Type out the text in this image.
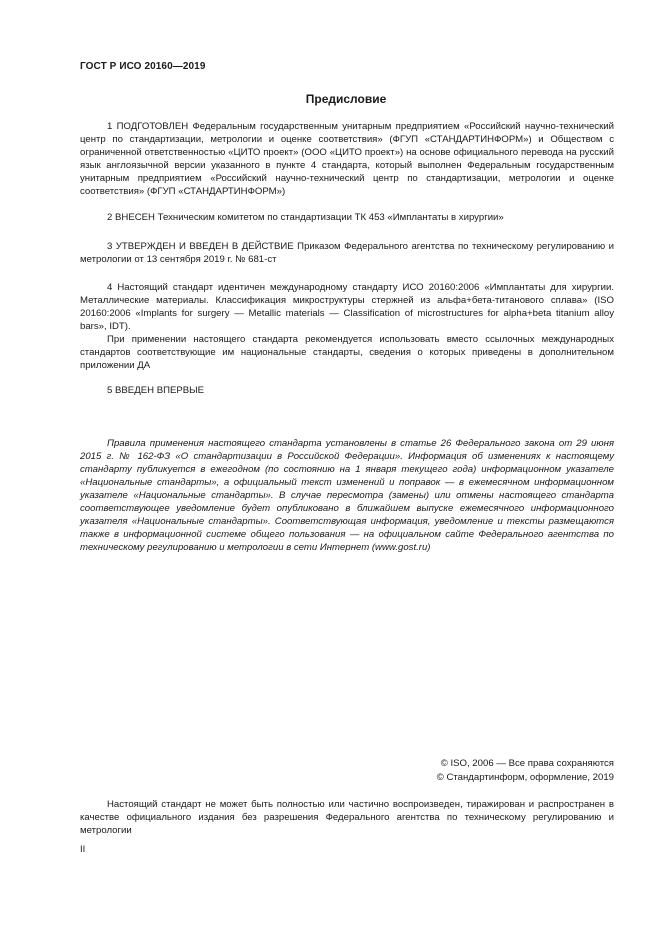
ГОСТ Р ИСО 20160—2019
Предисловие

1 ПОДГОТОВЛЕН Федеральным государственным унитарным предприятием «Российский научно-технический центр по стандартизации, метрологии и оценке соответствия» (ФГУП «СТАНДАРТИНФОРМ») и Обществом с ограниченной ответственностью «ЦИТО проект» (ООО «ЦИТО проект») на основе официального перевода на русский язык англоязычной версии указанного в пункте 4 стандарта, который выполнен Федеральным государственным унитарным предприятием «Российский научно-технический центр по стандартизации, метрологии и оценке соответствия» (ФГУП «СТАНДАРТИНФОРМ»)

2 ВНЕСЕН Техническим комитетом по стандартизации ТК 453 «Имплантаты в хирургии»

3 УТВЕРЖДЕН И ВВЕДЕН В ДЕЙСТВИЕ Приказом Федерального агентства по техническому регулированию и метрологии от 13 сентября 2019 г. № 681-ст

4 Настоящий стандарт идентичен международному стандарту ИСО 20160:2006 «Имплантаты для хирургии. Металлические материалы. Классификация микроструктуры стержней из альфа+бета-титанового сплава» (ISO 20160:2006 «Implants for surgery — Metallic materials — Classification of microstructures for alpha+beta titanium alloy bars», IDT).

При применении настоящего стандарта рекомендуется использовать вместо ссылочных международных стандартов соответствующие им национальные стандарты, сведения о которых приведены в дополнительном приложении ДА

5 ВВЕДЕН ВПЕРВЫЕ

Правила применения настоящего стандарта установлены в статье 26 Федерального закона от 29 июня 2015 г. № 162-ФЗ «О стандартизации в Российской Федерации». Информация об изменениях к настоящему стандарту публикуется в ежегодном (по состоянию на 1 января текущего года) информационном указателе «Национальные стандарты», а официальный текст изменений и поправок — в ежемесячном информационном указателе «Национальные стандарты». В случае пересмотра (замены) или отмены настоящего стандарта соответствующее уведомление будет опубликовано в ближайшем выпуске ежемесячного информационного указателя «Национальные стандарты». Соответствующая информация, уведомление и тексты размещаются также в информационной системе общего пользования — на официальном сайте Федерального агентства по техническому регулированию и метрологии в сети Интернет (www.gost.ru)

© ISO, 2006 — Все права сохраняются
© Стандартинформ, оформление, 2019

Настоящий стандарт не может быть полностью или частично воспроизведен, тиражирован и распространен в качестве официального издания без разрешения Федерального агентства по техническому регулированию и метрологии

II
